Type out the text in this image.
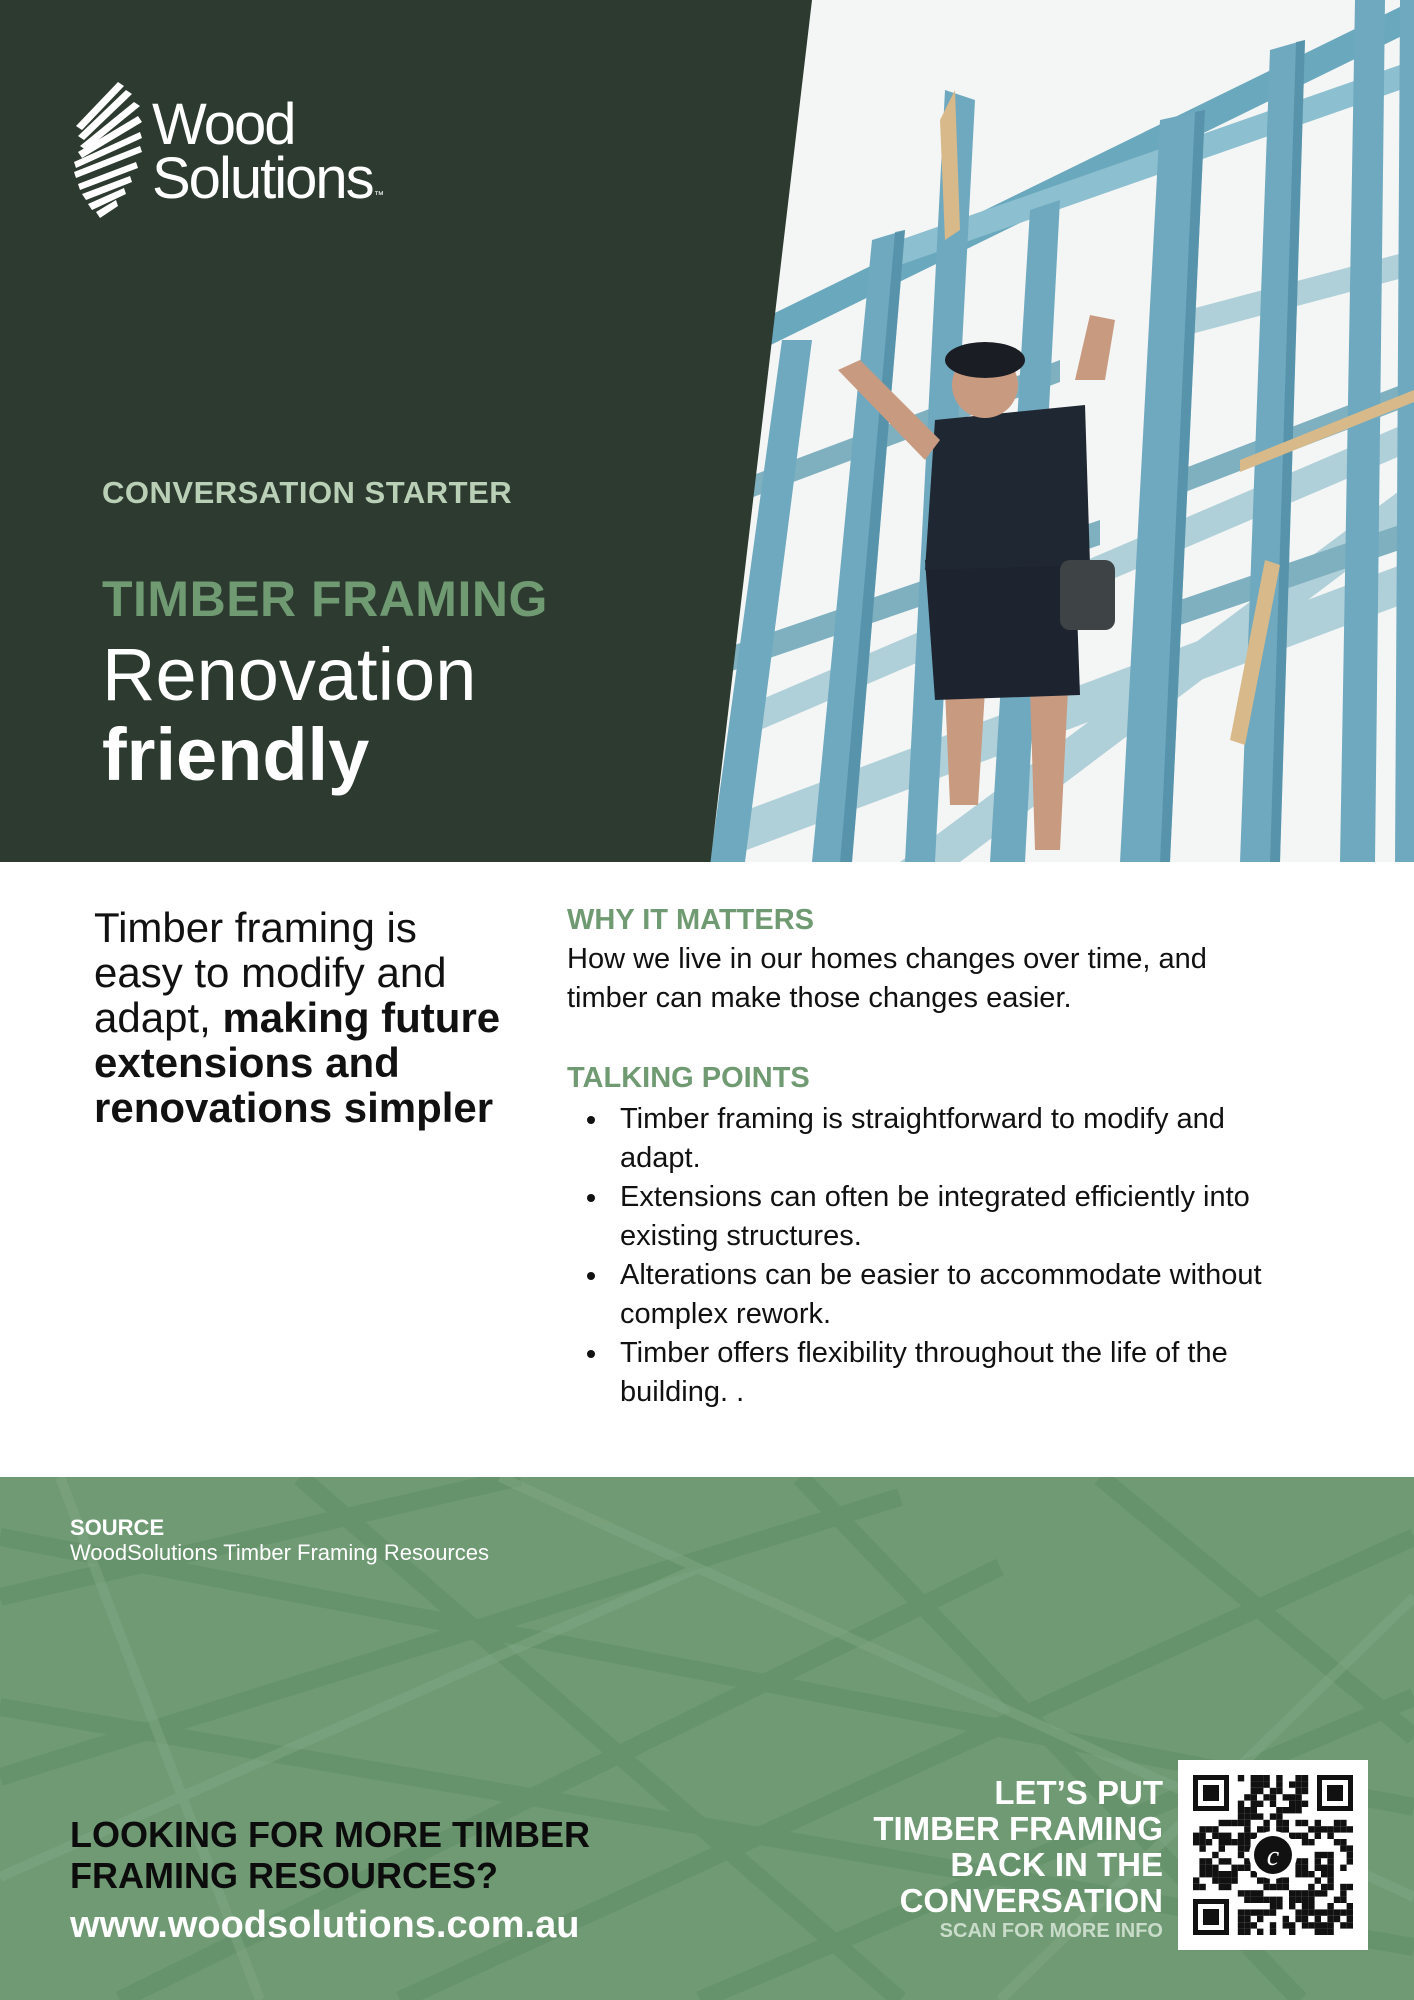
Wood
Solutions ™
CONVERSATION STARTER
TIMBER FRAMING
Renovation
friendly
Timber framing is easy to modify and adapt, making future extensions and renovations simpler
WHY IT MATTERS

How we live in our homes changes over time, and timber can make those changes easier.

TALKING POINTS
Timber framing is straightforward to modify and adapt.
Extensions can often be integrated efficiently into existing structures.
Alterations can be easier to accommodate without complex rework.
Timber offers flexibility throughout the life of the building. .
SOURCE
WoodSolutions Timber Framing Resources
LOOKING FOR MORE TIMBER FRAMING RESOURCES?
www.woodsolutions.com.au
LET’S PUT
TIMBER FRAMING
BACK IN THE
CONVERSATION
SCAN FOR MORE INFO
c
